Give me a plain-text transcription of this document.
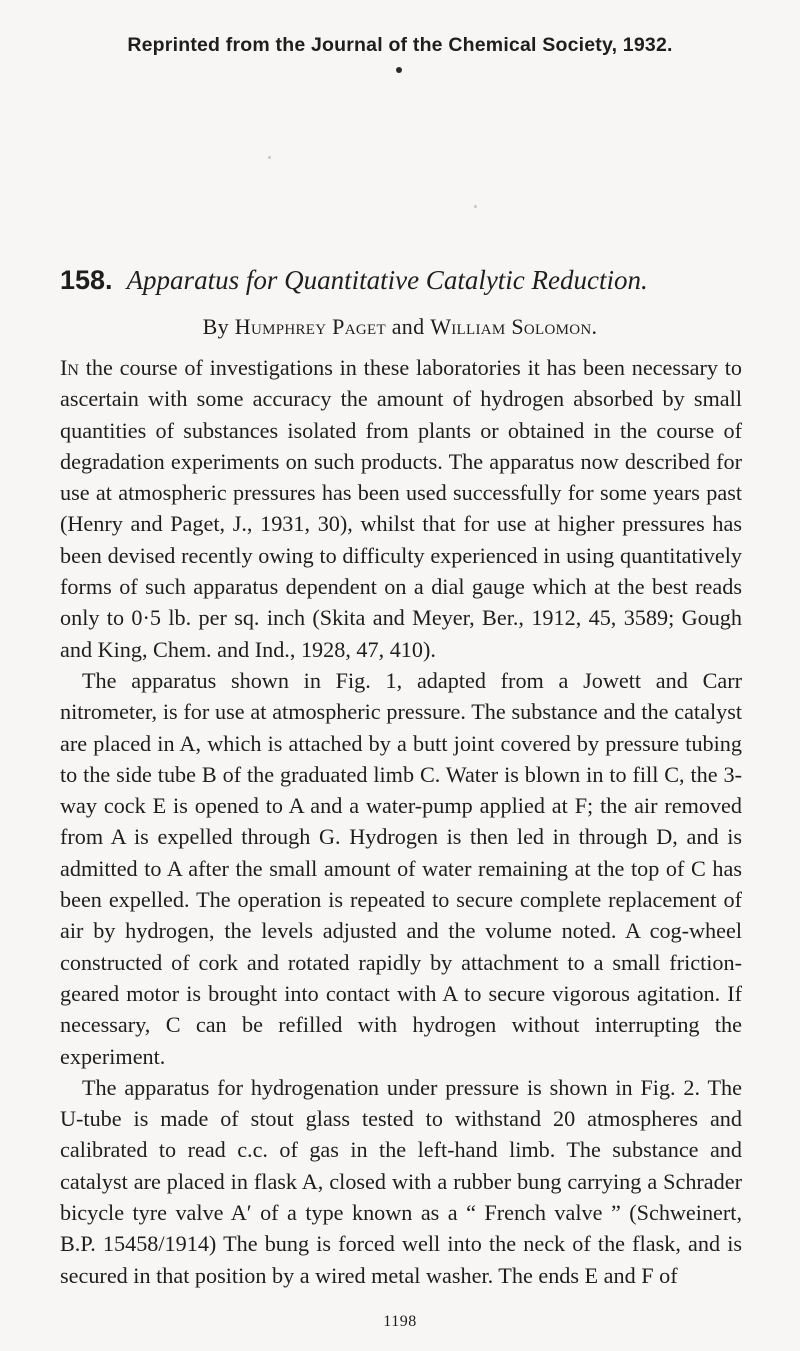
Reprinted from the Journal of the Chemical Society, 1932.
158. Apparatus for Quantitative Catalytic Reduction.
By Humphrey Paget and William Solomon.

In the course of investigations in these laboratories it has been necessary to ascertain with some accuracy the amount of hydrogen absorbed by small quantities of substances isolated from plants or obtained in the course of degradation experiments on such products. The apparatus now described for use at atmospheric pressures has been used successfully for some years past (Henry and Paget, J., 1931, 30), whilst that for use at higher pressures has been devised recently owing to difficulty experienced in using quantitatively forms of such apparatus dependent on a dial gauge which at the best reads only to 0·5 lb. per sq. inch (Skita and Meyer, Ber., 1912, 45, 3589; Gough and King, Chem. and Ind., 1928, 47, 410).

The apparatus shown in Fig. 1, adapted from a Jowett and Carr nitrometer, is for use at atmospheric pressure. The substance and the catalyst are placed in A, which is attached by a butt joint covered by pressure tubing to the side tube B of the graduated limb C. Water is blown in to fill C, the 3-way cock E is opened to A and a water-pump applied at F; the air removed from A is expelled through G. Hydrogen is then led in through D, and is admitted to A after the small amount of water remaining at the top of C has been expelled. The operation is repeated to secure complete replacement of air by hydrogen, the levels adjusted and the volume noted. A cog-wheel constructed of cork and rotated rapidly by attachment to a small friction-geared motor is brought into contact with A to secure vigorous agitation. If necessary, C can be refilled with hydrogen without interrupting the experiment.

The apparatus for hydrogenation under pressure is shown in Fig. 2. The U-tube is made of stout glass tested to withstand 20 atmospheres and calibrated to read c.c. of gas in the left-hand limb. The substance and catalyst are placed in flask A, closed with a rubber bung carrying a Schrader bicycle tyre valve A′ of a type known as a “ French valve ” (Schweinert, B.P. 15458/1914) The bung is forced well into the neck of the flask, and is secured in that position by a wired metal washer. The ends E and F of

1198
